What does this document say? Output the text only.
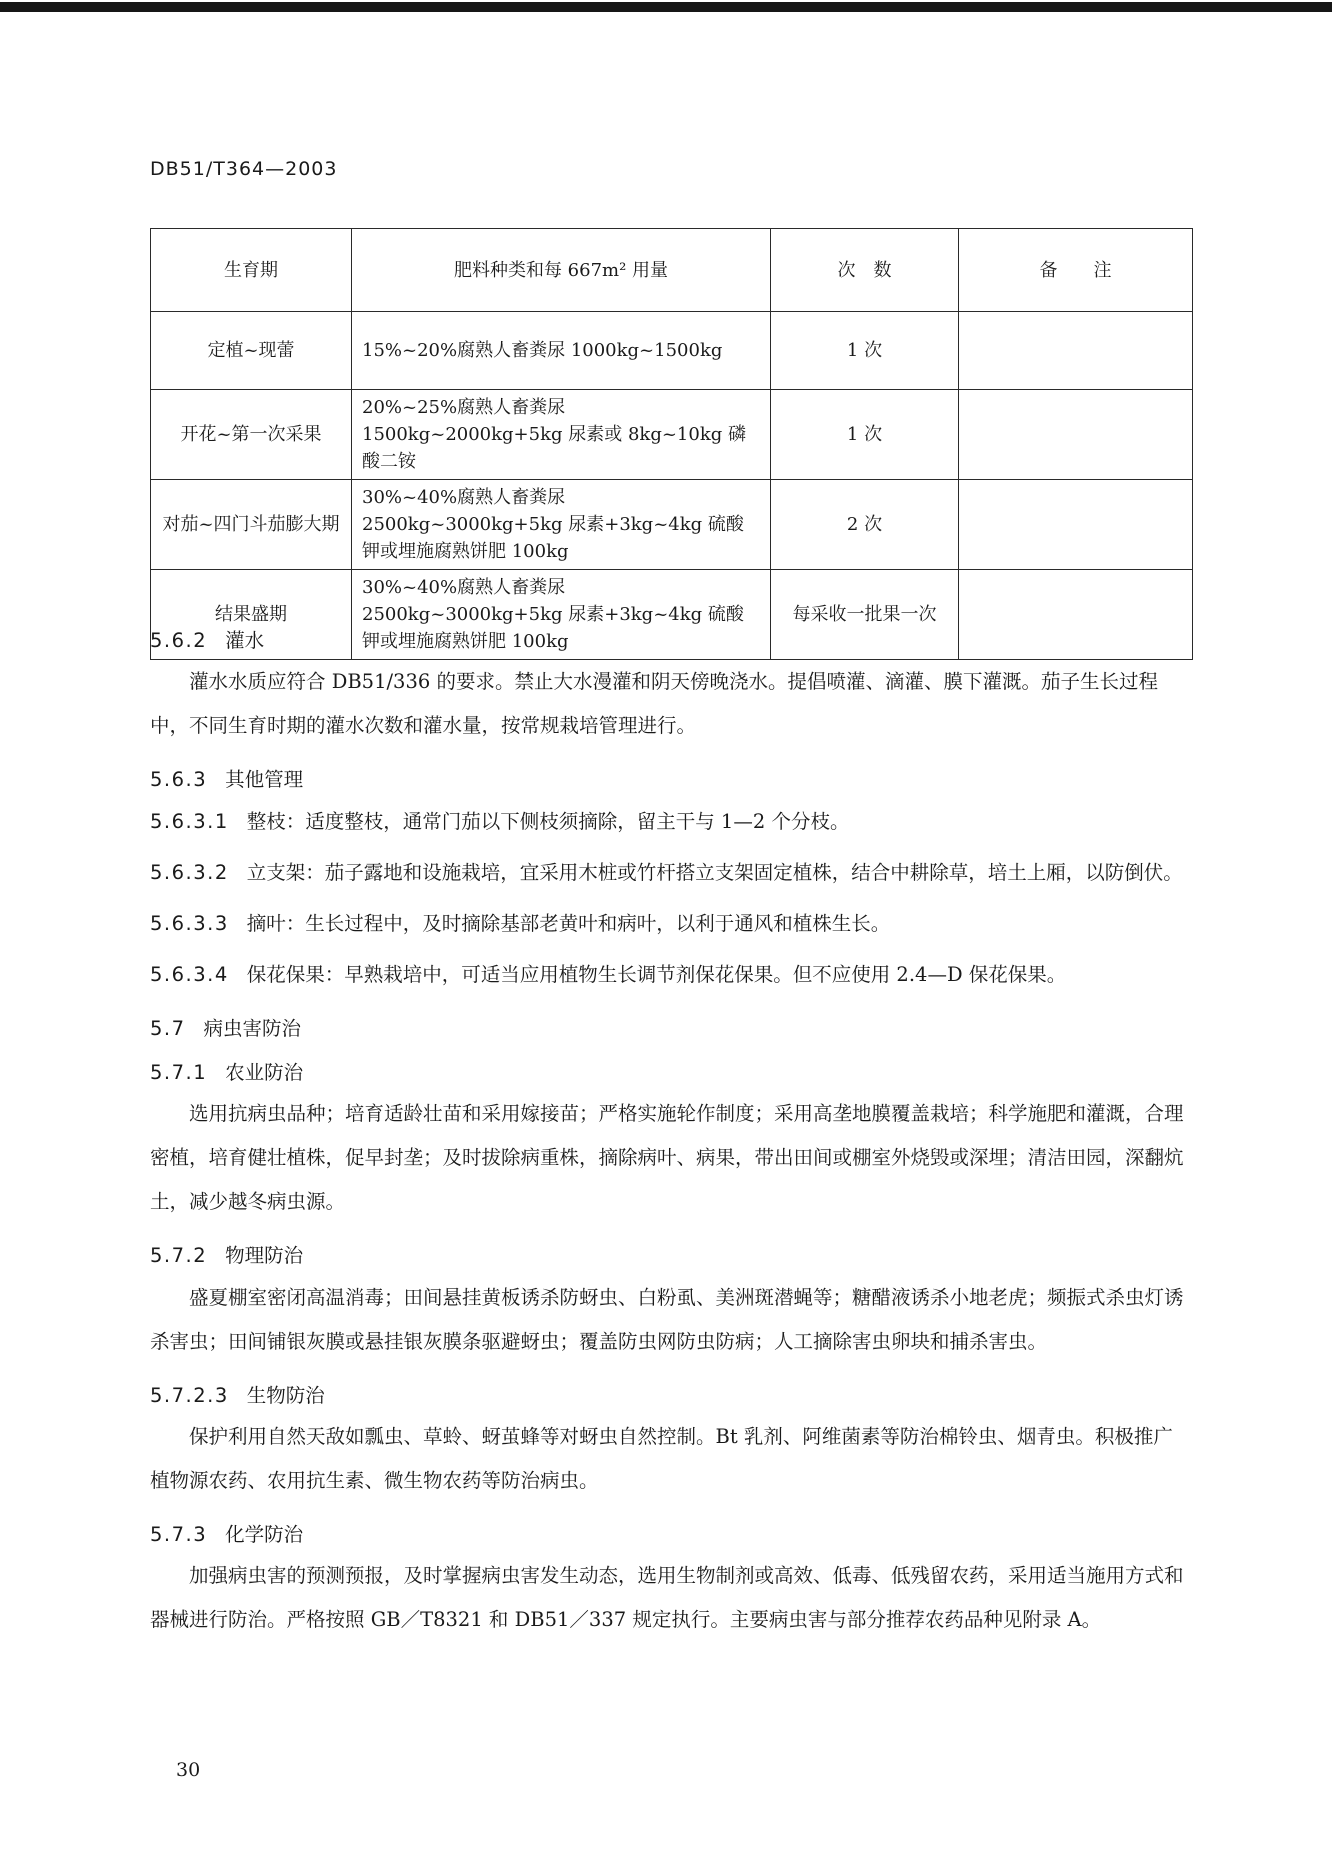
DB51/T364—2003
生育期	肥料种类和每 667m² 用量	次　数	备　　注
定植~现蕾	15%~20%腐熟人畜粪尿 1000kg~1500kg	1 次	
开花~第一次采果	20%~25%腐熟人畜粪尿 1500kg~2000kg+5kg 尿素或 8kg~10kg 磷酸二铵	1 次	
对茄~四门斗茄膨大期	30%~40%腐熟人畜粪尿 2500kg~3000kg+5kg 尿素+3kg~4kg 硫酸钾或埋施腐熟饼肥 100kg	2 次	
结果盛期	30%~40%腐熟人畜粪尿 2500kg~3000kg+5kg 尿素+3kg~4kg 硫酸钾或埋施腐熟饼肥 100kg	每采收一批果一次	
5.6.2 灌水
灌水水质应符合 DB51/336 的要求。禁止大水漫灌和阴天傍晚浇水。提倡喷灌、滴灌、膜下灌溉。茄子生长过程中，不同生育时期的灌水次数和灌水量，按常规栽培管理进行。
5.6.3 其他管理
5.6.3.1 整枝：适度整枝，通常门茄以下侧枝须摘除，留主干与 1—2 个分枝。
5.6.3.2 立支架：茄子露地和设施栽培，宜采用木桩或竹杆搭立支架固定植株，结合中耕除草，培土上厢，以防倒伏。
5.6.3.3 摘叶：生长过程中，及时摘除基部老黄叶和病叶，以利于通风和植株生长。
5.6.3.4 保花保果：早熟栽培中，可适当应用植物生长调节剂保花保果。但不应使用 2.4—D 保花保果。
5.7 病虫害防治
5.7.1 农业防治
选用抗病虫品种；培育适龄壮苗和采用嫁接苗；严格实施轮作制度；采用高垄地膜覆盖栽培；科学施肥和灌溉，合理密植，培育健壮植株，促早封垄；及时拔除病重株，摘除病叶、病果，带出田间或棚室外烧毁或深埋；清洁田园，深翻炕土，减少越冬病虫源。
5.7.2 物理防治
盛夏棚室密闭高温消毒；田间悬挂黄板诱杀防蚜虫、白粉虱、美洲斑潜蝇等；糖醋液诱杀小地老虎；频振式杀虫灯诱杀害虫；田间铺银灰膜或悬挂银灰膜条驱避蚜虫；覆盖防虫网防虫防病；人工摘除害虫卵块和捕杀害虫。
5.7.2.3 生物防治
保护利用自然天敌如瓢虫、草蛉、蚜茧蜂等对蚜虫自然控制。Bt 乳剂、阿维菌素等防治棉铃虫、烟青虫。积极推广植物源农药、农用抗生素、微生物农药等防治病虫。
5.7.3 化学防治
加强病虫害的预测预报，及时掌握病虫害发生动态，选用生物制剂或高效、低毒、低残留农药，采用适当施用方式和器械进行防治。严格按照 GB／T8321 和 DB51／337 规定执行。主要病虫害与部分推荐农药品种见附录 A。
30
